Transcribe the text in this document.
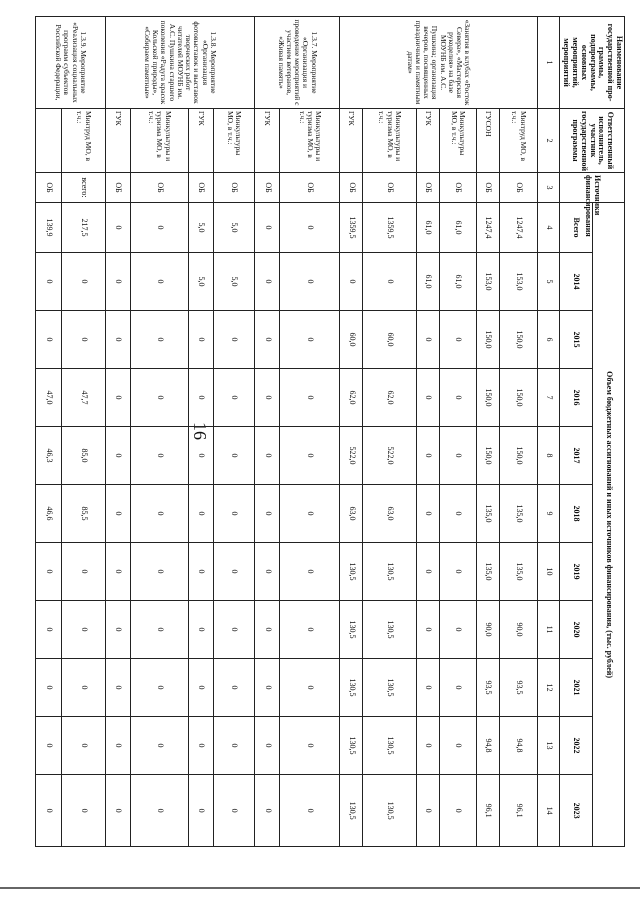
16
Наименование государственной про-граммы, подпрограммы, основных мероприятий, мероприятий	Ответственный исполнитель, участник государственной программы	Источники финансирования	Объем бюджетных ассигнований и иных источников финансирования, (тыс. рублей)										
			Всего	2014	2015	2016	2017	2018	2019	2020	2021	2022	2023
1	2	3	4	5	6	7	8	9	10	11	12	13	14
«Занятия в клубах «Росток Севера», «Мастерская рукоделия» на базе МОУНБ им. А.С. Пушкина; организация вечеров, посвященных праздничным и памятным датам»	Минтруд МО, в т.ч.:	ОБ	1247,4	153,0	150,0	150,0	150,0	135,0	135,0	90,0	93,5	94,8	96,1
	ГУСОН	ОБ	1247,4	153,0	150,0	150,0	150,0	135,0	135,0	90,0	93,5	94,8	96,1
	Минкультуры МО, в т.ч.:	ОБ	61,0	61,0	0	0	0	0	0	0	0	0	0
	ГУК	ОБ	61,0	61,0	0	0	0	0	0	0	0	0	0
	Минкультуры и туризма МО, в т.ч.:	ОБ	1359,5	0	60,0	62,0	522,0	63,0	130,5	130,5	130,5	130,5	130,5
	ГУК	ОБ	1359,5	0	60,0	62,0	522,0	63,0	130,5	130,5	130,5	130,5	130,5
1.3.7. Мероприятие «Организация и проведение мероприятий с участием ветеранов, «Живая память»	Минкультуры и туризма МО, в т.ч.:	ОБ	0	0	0	0	0	0	0	0	0	0	0
	ГУК	ОБ	0	0	0	0	0	0	0	0	0	0	0
1.3.8. Мероприятие «Организация фотовыставок и выставок творческих работ читателей МОУНБ им. А.С. Пушкина старшего поколения «Радуга красок Кольской природы», «Собираем памятные»	Минкультуры МО, в т.ч.:	ОБ	5,0	5,0	0	0	0	0	0	0	0	0	0
	ГУК	ОБ	5,0	5,0	0	0	0	0	0	0	0	0	0
	Минкультуры и туризма МО, в т.ч.:	ОБ	0	0	0	0	0	0	0	0	0	0	0
	ГУК	ОБ	0	0	0	0	0	0	0	0	0	0	0
1.3.9. Мероприятие «Реализация социальных программ субъектов Российской Федерации,	Минтруд МО, в т.ч.:	всего:	217,5	0	0	47,7	85,0	85,5	0	0	0	0	0
		ОБ	139,9	0	0	47,0	46,3	46,6	0	0	0	0	0
